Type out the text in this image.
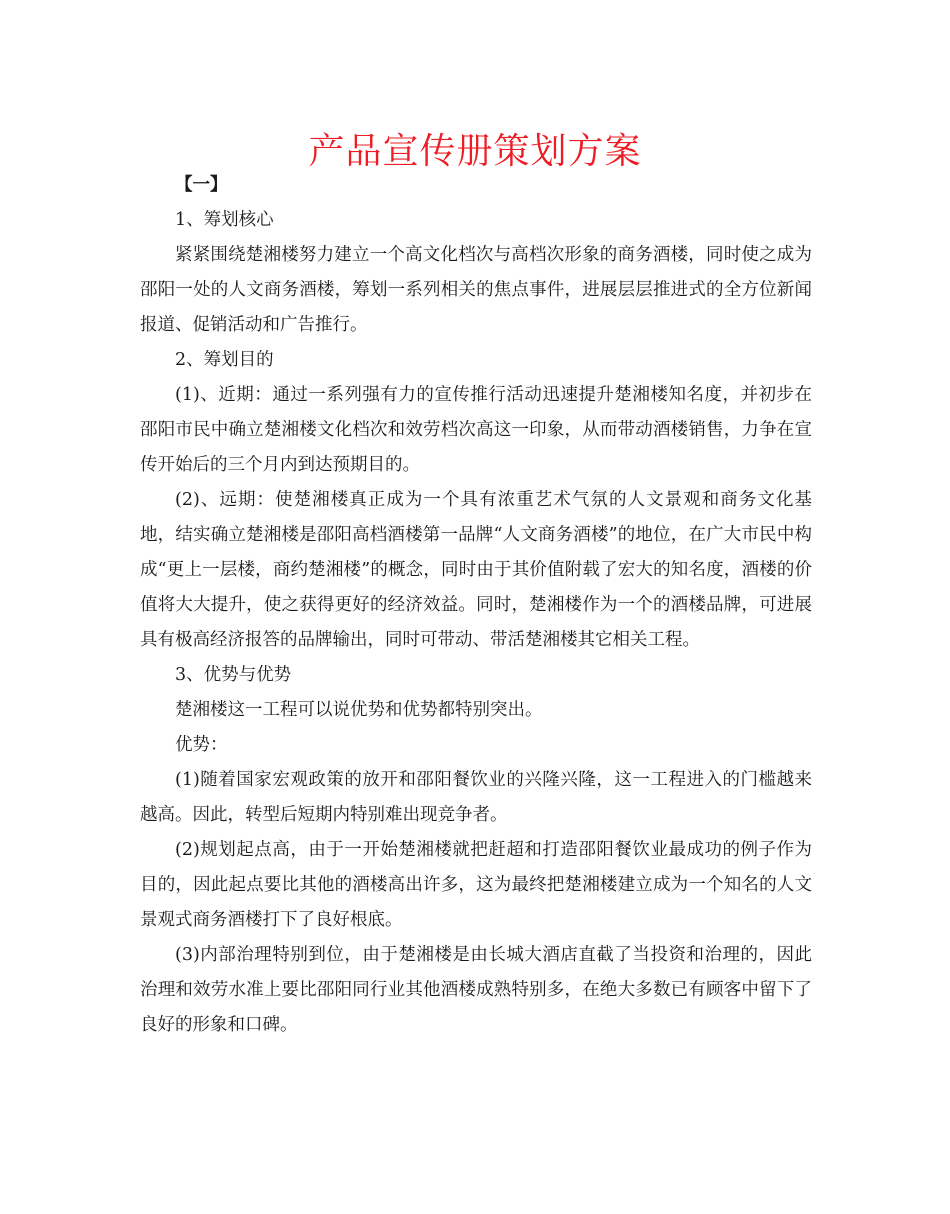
产品宣传册策划方案

【一】

1、筹划核心

紧紧围绕楚湘楼努力建立一个高文化档次与高档次形象的商务酒楼，同时使之成为邵阳一处的人文商务酒楼，筹划一系列相关的焦点事件，进展层层推进式的全方位新闻报道、促销活动和广告推行。

2、筹划目的

(1)、近期：通过一系列强有力的宣传推行活动迅速提升楚湘楼知名度，并初步在邵阳市民中确立楚湘楼文化档次和效劳档次高这一印象，从而带动酒楼销售，力争在宣传开始后的三个月内到达预期目的。

(2)、远期：使楚湘楼真正成为一个具有浓重艺术气氛的人文景观和商务文化基地，结实确立楚湘楼是邵阳高档酒楼第一品牌“人文商务酒楼”的地位，在广大市民中构成“更上一层楼，商约楚湘楼”的概念，同时由于其价值附载了宏大的知名度，酒楼的价值将大大提升，使之获得更好的经济效益。同时，楚湘楼作为一个的酒楼品牌，可进展具有极高经济报答的品牌输出，同时可带动、带活楚湘楼其它相关工程。

3、优势与优势

楚湘楼这一工程可以说优势和优势都特别突出。

优势：

(1)随着国家宏观政策的放开和邵阳餐饮业的兴隆兴隆，这一工程进入的门槛越来越高。因此，转型后短期内特别难出现竞争者。

(2)规划起点高，由于一开始楚湘楼就把赶超和打造邵阳餐饮业最成功的例子作为目的，因此起点要比其他的酒楼高出许多，这为最终把楚湘楼建立成为一个知名的人文景观式商务酒楼打下了良好根底。

(3)内部治理特别到位，由于楚湘楼是由长城大酒店直截了当投资和治理的，因此治理和效劳水准上要比邵阳同行业其他酒楼成熟特别多，在绝大多数已有顾客中留下了良好的形象和口碑。
